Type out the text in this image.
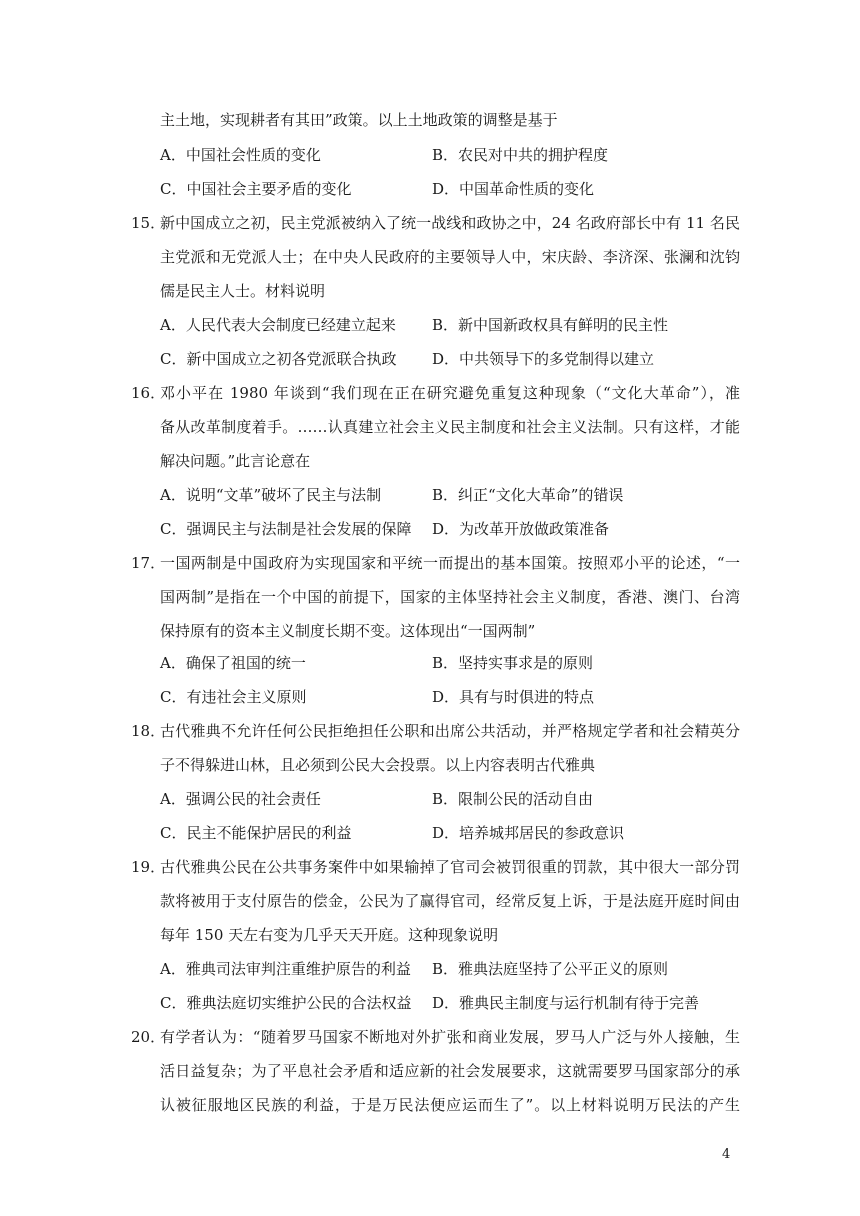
主土地，实现耕者有其田”政策。以上土地政策的调整是基于
A．中国社会性质的变化	B．农民对中共的拥护程度
C．中国社会主要矛盾的变化	D．中国革命性质的变化
15．
新中国成立之初，民主党派被纳入了统一战线和政协之中，24 名政府部长中有 11 名民
主党派和无党派人士；在中央人民政府的主要领导人中，宋庆龄、李济深、张澜和沈钧
儒是民主人士。材料说明
A．人民代表大会制度已经建立起来 B．新中国新政权具有鲜明的民主性
C．新中国成立之初各党派联合执政 D．中共领导下的多党制得以建立
16．
邓小平在 1980 年谈到“我们现在正在研究避免重复这种现象（“文化大革命”），准
备从改革制度着手。……认真建立社会主义民主制度和社会主义法制。只有这样，才能
解决问题。”此言论意在
A．说明“文革”破坏了民主与法制	B．纠正“文化大革命”的错误
C．强调民主与法制是社会发展的保障 D．为改革开放做政策准备
17．
一国两制是中国政府为实现国家和平统一而提出的基本国策。按照邓小平的论述，“一
国两制”是指在一个中国的前提下，国家的主体坚持社会主义制度，香港、澳门、台湾
保持原有的资本主义制度长期不变。这体现出“一国两制”
A．确保了祖国的统一	B．坚持实事求是的原则
C．有违社会主义原则	D．具有与时俱进的特点
18．
古代雅典不允许任何公民拒绝担任公职和出席公共活动，并严格规定学者和社会精英分
子不得躲进山林，且必须到公民大会投票。以上内容表明古代雅典
A．强调公民的社会责任	B．限制公民的活动自由
C．民主不能保护居民的利益	D．培养城邦居民的参政意识
19．
古代雅典公民在公共事务案件中如果输掉了官司会被罚很重的罚款，其中很大一部分罚
款将被用于支付原告的偿金，公民为了赢得官司，经常反复上诉，于是法庭开庭时间由
每年 150 天左右变为几乎天天开庭。这种现象说明
A．雅典司法审判注重维护原告的利益 B．雅典法庭坚持了公平正义的原则
C．雅典法庭切实维护公民的合法权益 D．雅典民主制度与运行机制有待于完善
20．
有学者认为：“随着罗马国家不断地对外扩张和商业发展，罗马人广泛与外人接触，生
活日益复杂；为了平息社会矛盾和适应新的社会发展要求，这就需要罗马国家部分的承
认被征服地区民族的利益，于是万民法便应运而生了”。以上材料说明万民法的产生
4
